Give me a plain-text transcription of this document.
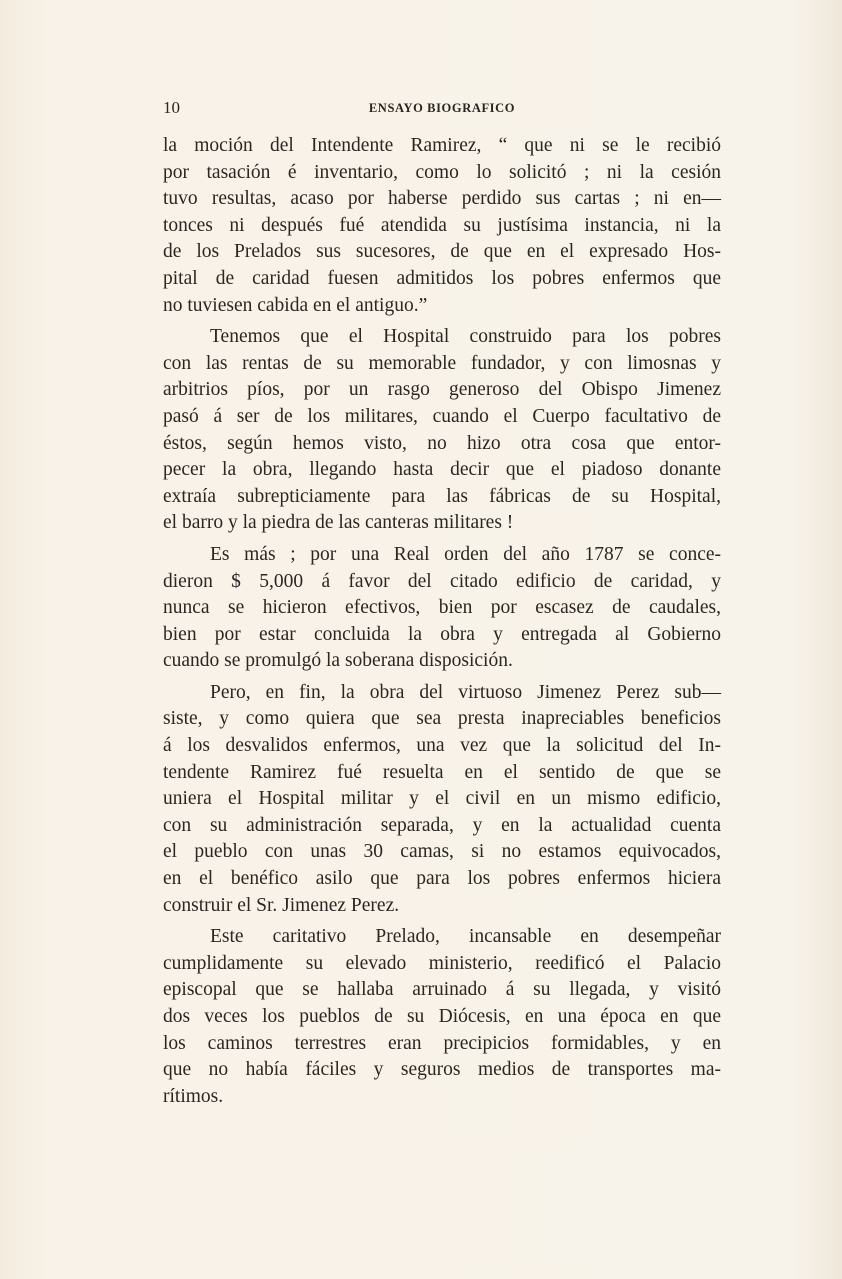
10	ENSAYO BIOGRAFICO
la moción del Intendente Ramirez, “ que ni se le recibió
por tasación é inventario, como lo solicitó ; ni la cesión
tuvo resultas, acaso por haberse perdido sus cartas ; ni en—
tonces ni después fué atendida su justísima instancia, ni la
de los Prelados sus sucesores, de que en el expresado Hos-
pital de caridad fuesen admitidos los pobres enfermos que
no tuviesen cabida en el antiguo.”
Tenemos que el Hospital construido para los pobres
con las rentas de su memorable fundador, y con limosnas y
arbitrios píos, por un rasgo generoso del Obispo Jimenez
pasó á ser de los militares, cuando el Cuerpo facultativo de
éstos, según hemos visto, no hizo otra cosa que entor-
pecer la obra, llegando hasta decir que el piadoso donante
extraía subrepticiamente para las fábricas de su Hospital,
el barro y la piedra de las canteras militares !
Es más ; por una Real orden del año 1787 se conce-
dieron $ 5,000 á favor del citado edificio de caridad, y
nunca se hicieron efectivos, bien por escasez de caudales,
bien por estar concluida la obra y entregada al Gobierno
cuando se promulgó la soberana disposición.
Pero, en fin, la obra del virtuoso Jimenez Perez sub—
siste, y como quiera que sea presta inapreciables beneficios
á los desvalidos enfermos, una vez que la solicitud del In-
tendente Ramirez fué resuelta en el sentido de que se
uniera el Hospital militar y el civil en un mismo edificio,
con su administración separada, y en la actualidad cuenta
el pueblo con unas 30 camas, si no estamos equivocados,
en el benéfico asilo que para los pobres enfermos hiciera
construir el Sr. Jimenez Perez.
Este caritativo Prelado, incansable en desempeñar
cumplidamente su elevado ministerio, reedificó el Palacio
episcopal que se hallaba arruinado á su llegada, y visitó
dos veces los pueblos de su Diócesis, en una época en que
los caminos terrestres eran precipicios formidables, y en
que no había fáciles y seguros medios de transportes ma-
rítimos.
